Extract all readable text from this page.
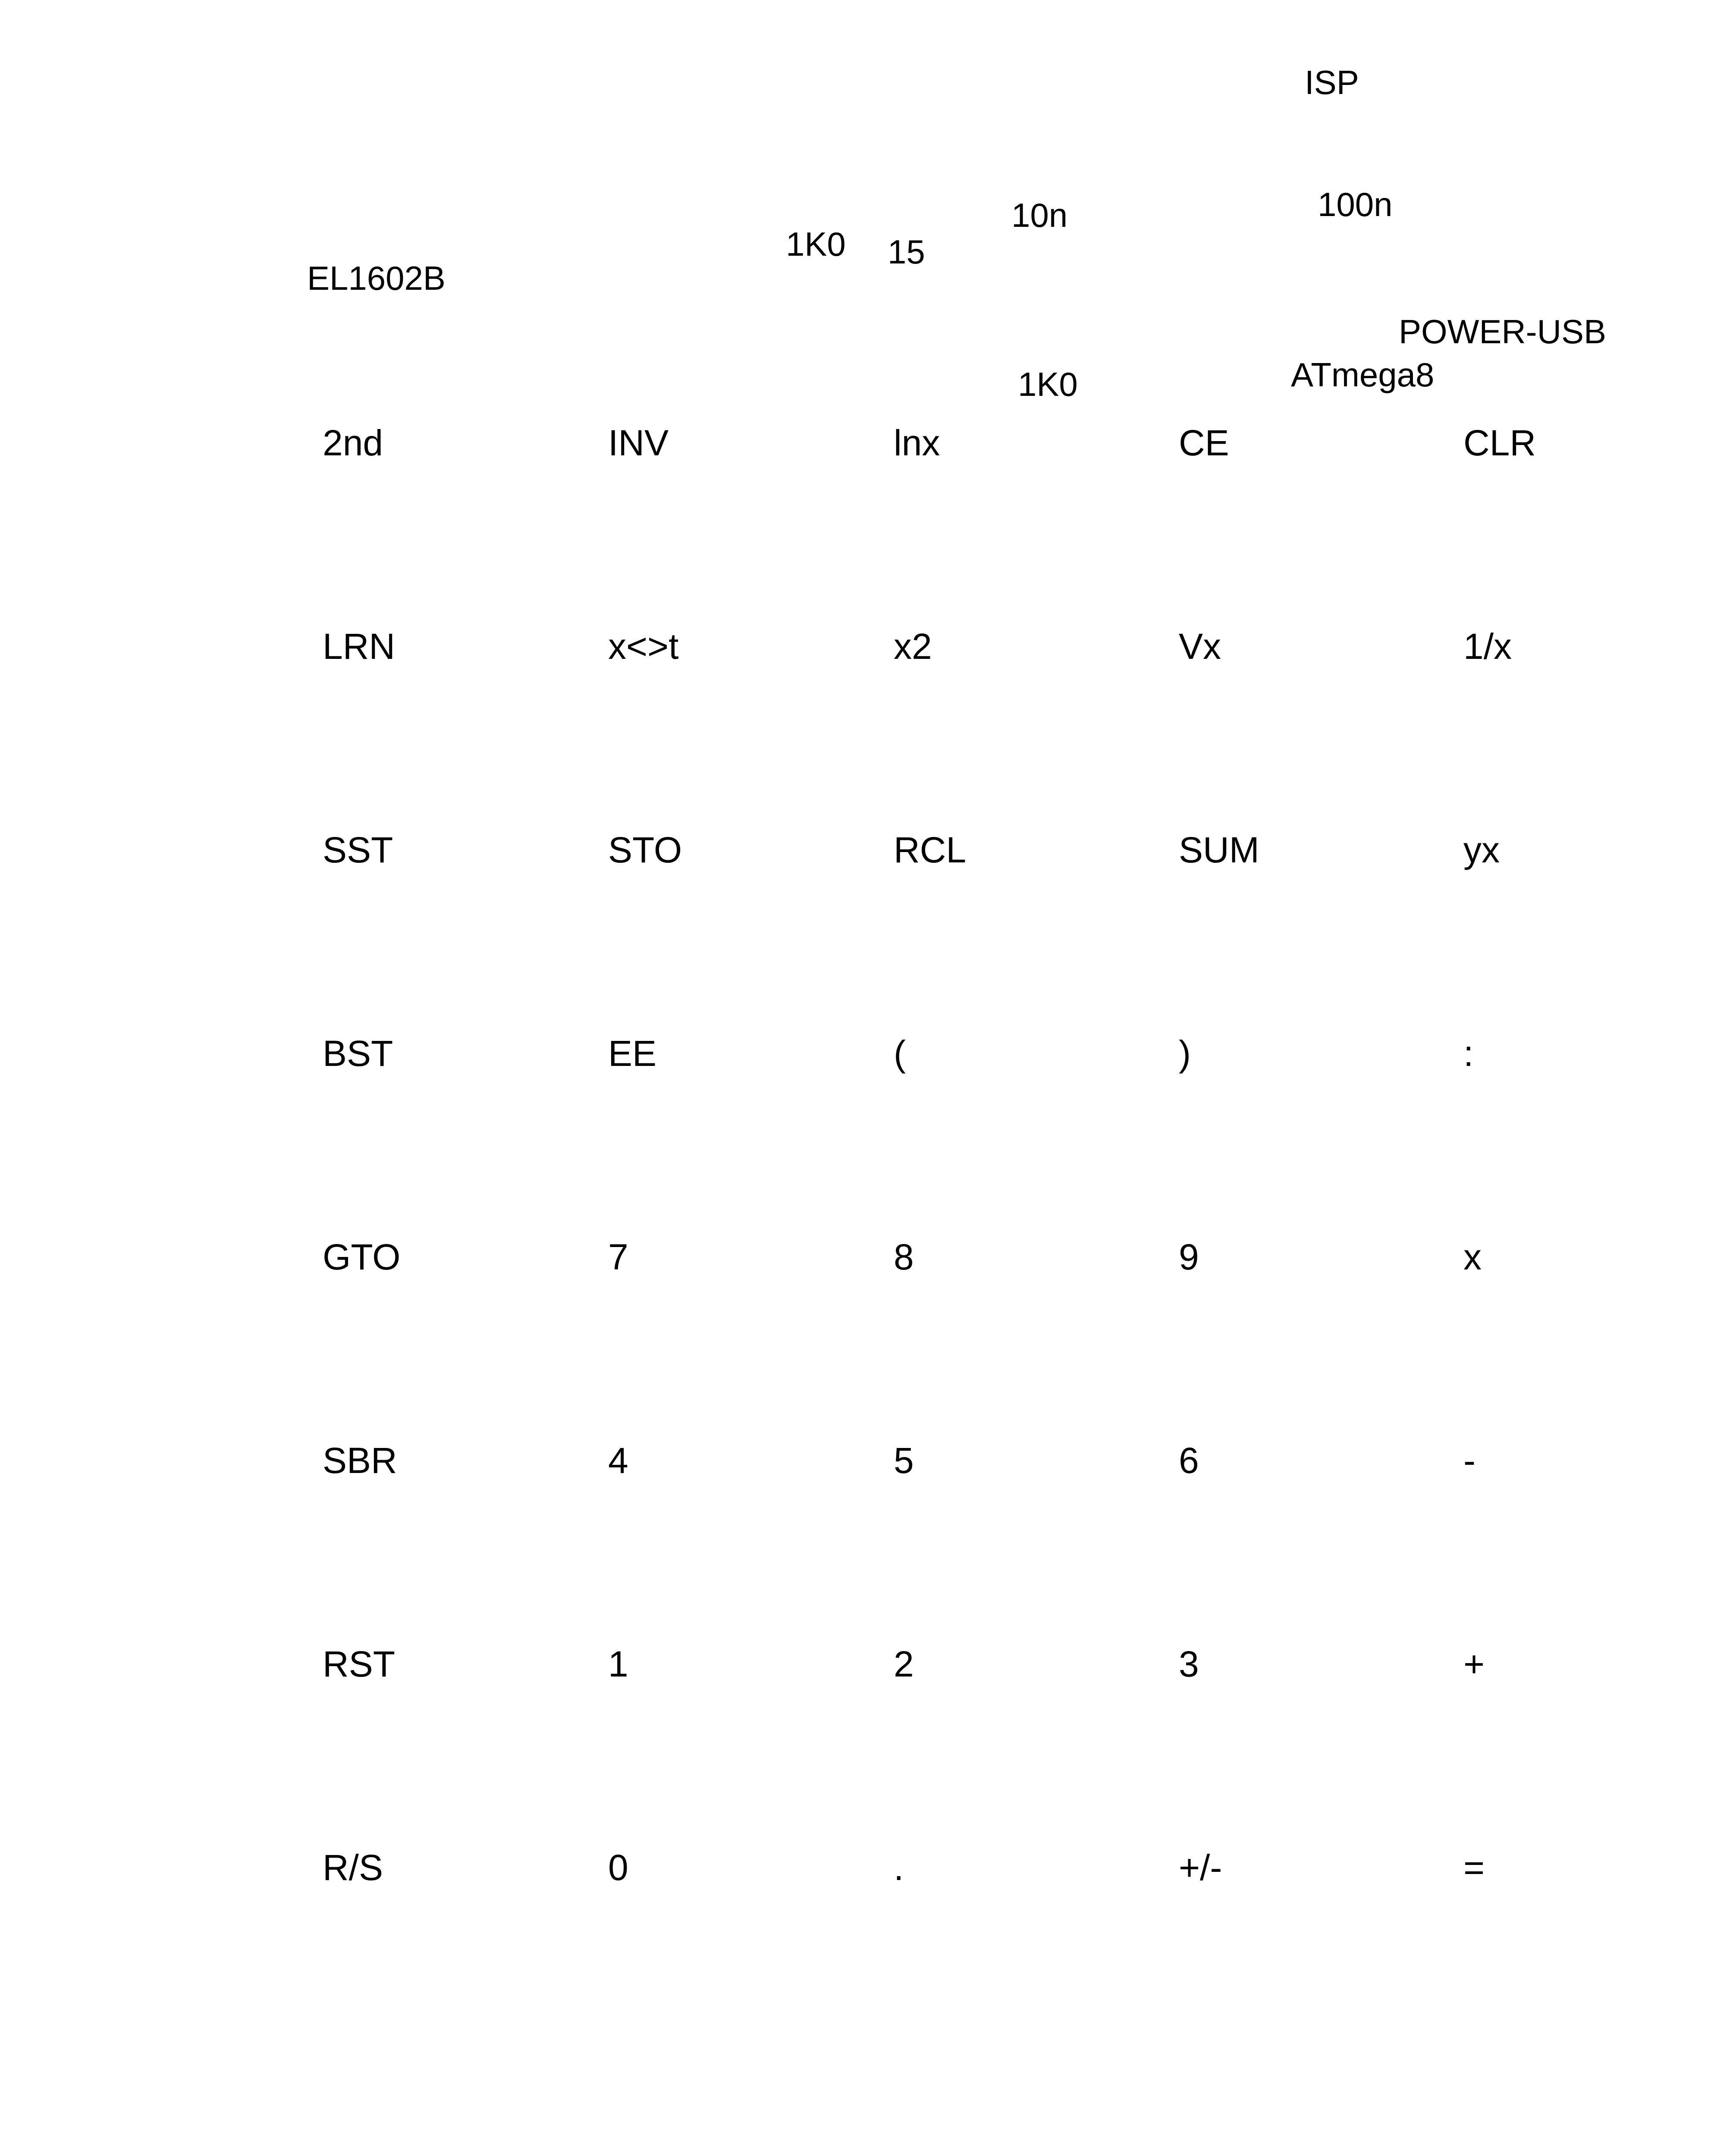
ISP
100n
10n
1K0 15
EL1602B
POWER-USB
ATmega8
1K0
2nd	INV	lnx	CE	CLR
LRN	x<>t	x2	Vx	1/x
SST	STO	RCL	SUM	yx
BST	EE	(	)	:
GTO	7	8	9	x
SBR	4	5	6	-
RST	1	2	3	+
R/S	0	.	+/-	=
